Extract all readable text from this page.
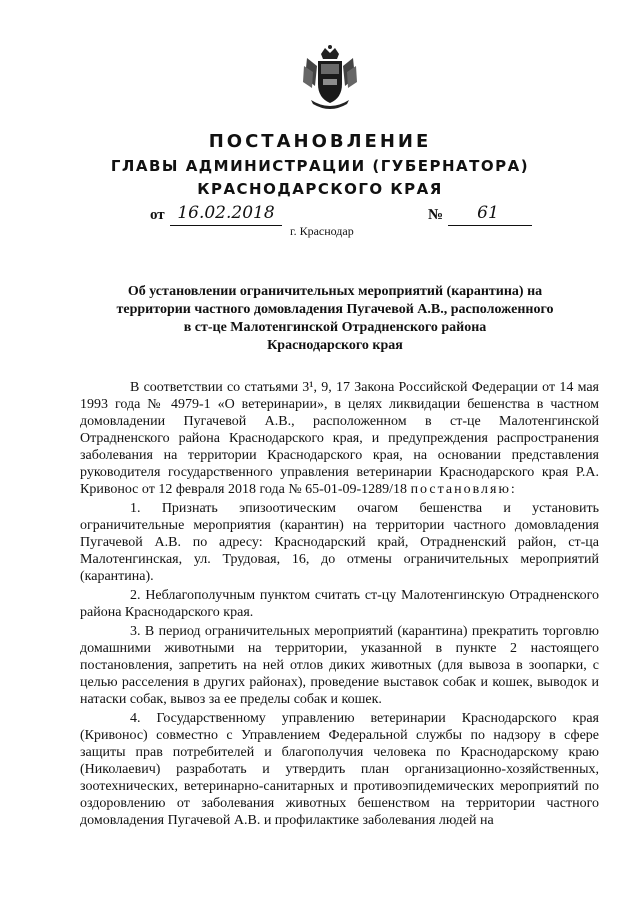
ПОСТАНОВЛЕНИЕ
ГЛАВЫ АДМИНИСТРАЦИИ (ГУБЕРНАТОРА)
КРАСНОДАРСКОГО КРАЯ
от 16.02.2018	№	61
г. Краснодар
Об установлении ограничительных мероприятий (карантина) на
территории частного домовладения Пугачевой А.В., расположенного
в ст-це Малотенгинской Отрадненского района
Краснодарского края

В соответствии со статьями 3¹, 9, 17 Закона Российской Федерации от 14 мая 1993 года № 4979-1 «О ветеринарии», в целях ликвидации бешенства в частном домовладении Пугачевой А.В., расположенном в ст-це Малотенгинской Отрадненского района Краснодарского края, и предупреждения распространения заболевания на территории Краснодарского края, на основании представления руководителя государственного управления ветеринарии Краснодарского края Р.А. Кривонос от 12 февраля 2018 года № 65-01-09-1289/18 постановляю:

1. Признать эпизоотическим очагом бешенства и установить ограничительные мероприятия (карантин) на территории частного домовладения Пугачевой А.В. по адресу: Краснодарский край, Отрадненский район, ст-ца Малотенгинская, ул. Трудовая, 16, до отмены ограничительных мероприятий (карантина).

2. Неблагополучным пунктом считать ст-цу Малотенгинскую Отрадненского района Краснодарского края.

3. В период ограничительных мероприятий (карантина) прекратить торговлю домашними животными на территории, указанной в пункте 2 настоящего постановления, запретить на ней отлов диких животных (для вывоза в зоопарки, с целью расселения в других районах), проведение выставок собак и кошек, выводок и натаски собак, вывоз за ее пределы собак и кошек.

4. Государственному управлению ветеринарии Краснодарского края (Кривонос) совместно с Управлением Федеральной службы по надзору в сфере защиты прав потребителей и благополучия человека по Краснодарскому краю (Николаевич) разработать и утвердить план организационно-хозяйственных, зоотехнических, ветеринарно-санитарных и противоэпидемических мероприятий по оздоровлению от заболевания животных бешенством на территории частного домовладения Пугачевой А.В. и профилактике заболевания людей на
